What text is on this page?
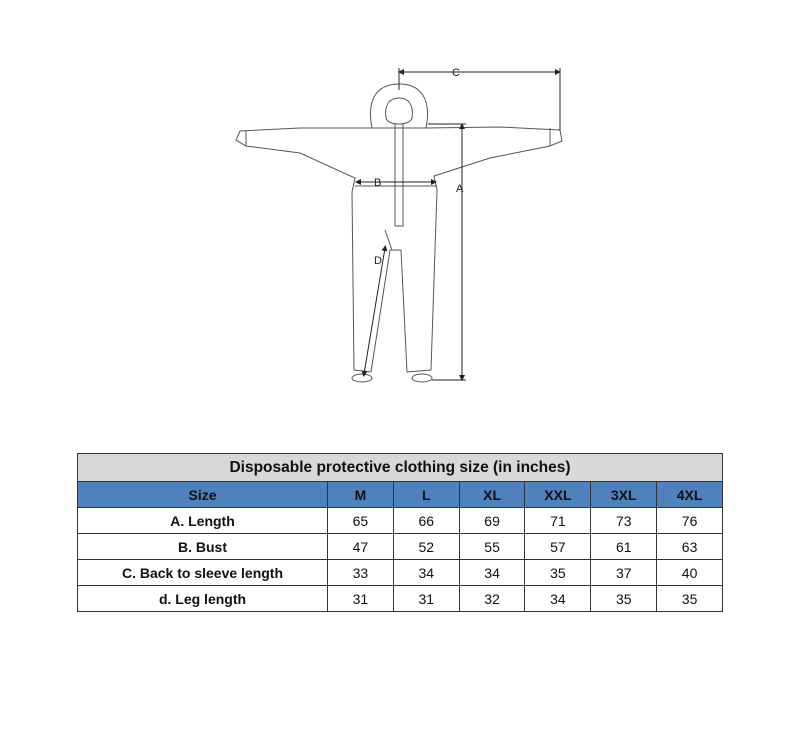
C
A
B
D
Disposable protective clothing size (in inches)						
Size	M	L	XL	XXL	3XL	4XL
A. Length	65	66	69	71	73	76
B. Bust	47	52	55	57	61	63
C. Back to sleeve length	33	34	34	35	37	40
d. Leg length	31	31	32	34	35	35
